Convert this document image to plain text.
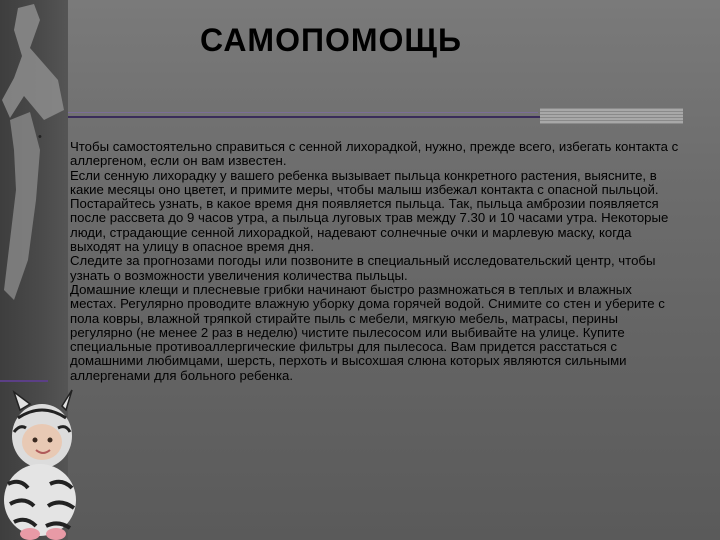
САМОПОМОЩЬ
•

Чтобы самостоятельно справиться с сенной лихорадкой, нужно, прежде всего, избегать контакта с аллергеном, если он вам известен.

Если сенную лихорадку у вашего ребенка вызывает пыльца конкретного растения, выясните, в какие месяцы оно цветет, и примите меры, чтобы малыш избежал контакта с опасной пыльцой. Постарайтесь узнать, в какое время дня появляется пыльца. Так, пыльца амброзии появляется после рассвета до 9 часов утра, а пыльца луговых трав между 7.30 и 10 часами утра. Некоторые люди, страдающие сенной лихорадкой, надевают солнечные очки и марлевую маску, когда выходят на улицу в опасное время дня.

Следите за прогнозами погоды или позвоните в специальный исследовательский центр, чтобы узнать о возможности увеличения количества пыльцы.

Домашние клещи и плесневые грибки начинают быстро размножаться в теплых и влажных местах. Регулярно проводите влажную уборку дома горячей водой. Снимите со стен и уберите с пола ковры, влажной тряпкой стирайте пыль с мебели, мягкую мебель, матрасы, перины регулярно (не менее 2 раз в неделю) чистите пылесосом или выбивайте на улице. Купите специальные противоаллергические фильтры для пылесоса. Вам придется расстаться с домашними любимцами, шерсть, перхоть и высохшая слюна которых являются сильными аллергенами для больного ребенка.
